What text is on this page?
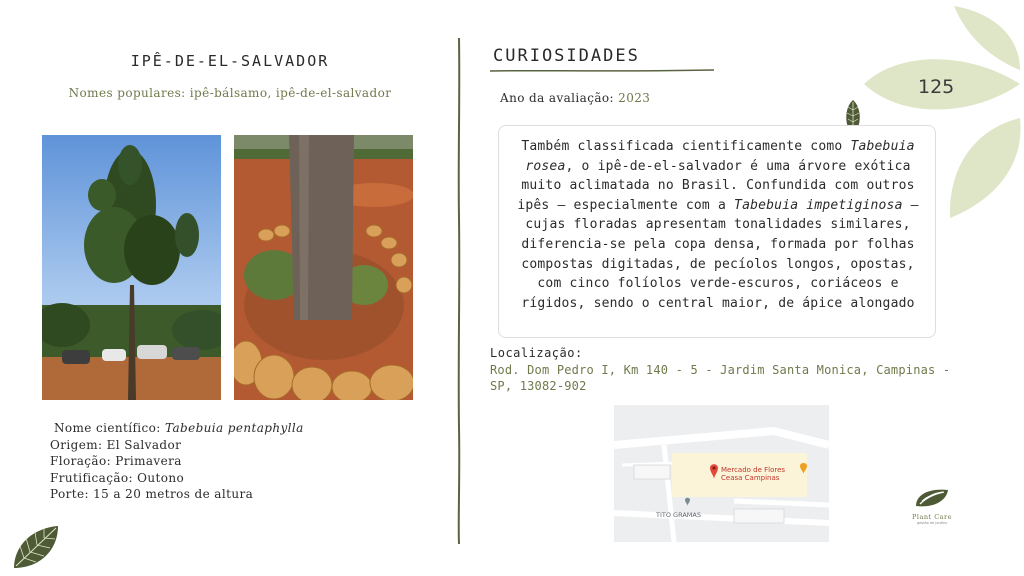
125
IPÊ-DE-EL-SALVADOR
Nomes populares: ipê-bálsamo, ipê-de-el-salvador
Nome científico: Tabebuia pentaphylla
Origem: El Salvador
Floração: Primavera
Frutificação: Outono
Porte: 15 a 20 metros de altura
CURIOSIDADES
Ano da avaliação: 2023
Também classificada cientificamente como Tabebuia rosea, o ipê-de-el-salvador é uma árvore exótica muito aclimatada no Brasil. Confundida com outros ipês – especialmente com a Tabebuia impetiginosa – cujas floradas apresentam tonalidades similares, diferencia-se pela copa densa, formada por folhas compostas digitadas, de pecíolos longos, opostas, com cinco folíolos verde-escuros, coriáceos e rígidos, sendo o central maior, de ápice alongado
Localização:
Rod. Dom Pedro I, Km 140 - 5 - Jardim Santa Monica, Campinas - SP, 13082-902
Mercado de Flores
Ceasa Campinas
TITO GRAMAS	Plant Care
gestão de jardins
